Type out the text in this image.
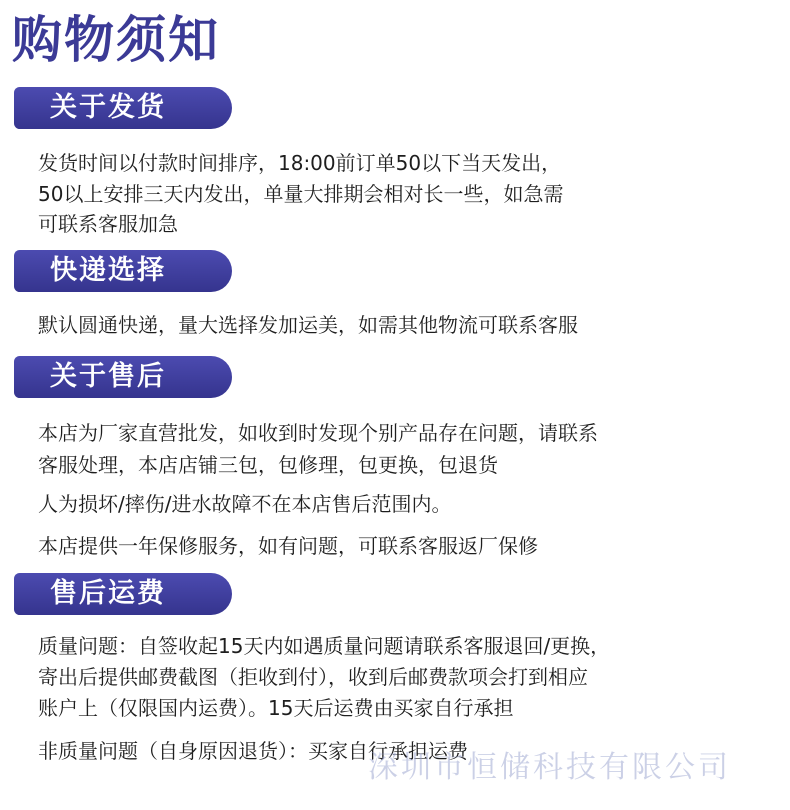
购物须知
关于发货
发货时间以付款时间排序，18:00前订单50以下当天发出，
50以上安排三天内发出，单量大排期会相对长一些，如急需
可联系客服加急
快递选择
默认圆通快递，量大选择发加运美，如需其他物流可联系客服
关于售后
本店为厂家直营批发，如收到时发现个别产品存在问题，请联系
客服处理，本店店铺三包，包修理，包更换，包退货
人为损坏/摔伤/进水故障不在本店售后范围内。
本店提供一年保修服务，如有问题，可联系客服返厂保修
售后运费
质量问题：自签收起15天内如遇质量问题请联系客服退回/更换，
寄出后提供邮费截图（拒收到付），收到后邮费款项会打到相应
账户上（仅限国内运费）。15天后运费由买家自行承担
非质量问题（自身原因退货）：买家自行承担运费
深圳市恒储科技有限公司
